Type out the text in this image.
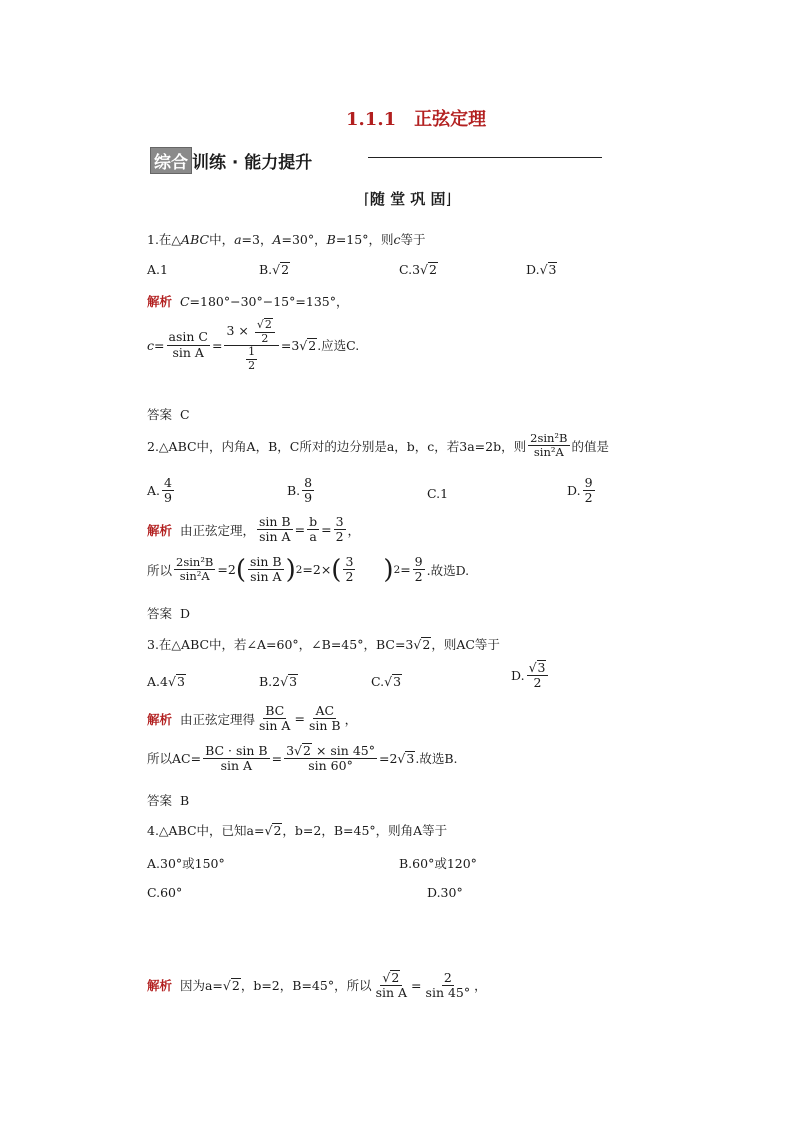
1.1.1　正弦定理
综合 训练 · 能力提升
⌈随 堂 巩 固⌋
1.在△ABC中，a=3，A=30°，B=15°，则c等于
A.1	B.√2	C.3√2	D.√3
解析 C=180°−30°−15°=135°，
$c = \frac{\text{asin C}}{\text{sin A}} = 3$ ×
$\frac{√2}{2}$
$\frac{1}{2} =3$ √ 2 .应选C.
答案 C
2.△ABC中，内角A，B，C所对的边分别是a，b，c，若3a=2b，则 $\frac{\text{2sin²B}}{\text{sin²A}}$ 的值是
A. $\frac{4}{9}$	B. $\frac{8}{9}$	C.1	D. $\frac{9}{2}$
解析
由正弦定理， $\frac{\text{sin B}}{\text{sin A}} = \frac{b}{a} = \frac{3}{2}$ ，
所以 $\frac{\text{2sin²B}}{\text{sin²A}} =2$ ( $\frac{\text{sin B}}{\text{sin A}}$ ) 2 =2× ( $\frac{3}{2}$ ) $2 = \frac{9}{2}$ .故选D.
答案 D
3.在△ABC中，若∠A=60°，∠B=45°，BC=3√2，则AC等于
A.4√3	B.2√3	C.√3	D. $\frac{√3}{2}$
解析
由正弦定理得 $\frac{BC}{\text{sin A}} = \frac{AC}{\text{sin B}}$ ，
所以$AC= \frac{\text{BC · sin B}}{\text{sin A}} = \frac{3√2 \times \sin 45^\circ}{\sin 60^\circ} =2$ √ 3 .故选B.
答案 B
4.△ABC中，已知a=√2，b=2，B=45°，则角A等于
A.30°或150°	B.60°或120°
C.60°	D.30°
解析
因为a= √ 2 ，b=2，B=45°，所以 $\frac{√2}{\text{sin A}} = \frac{2}{\sin 45^\circ}$ ，
